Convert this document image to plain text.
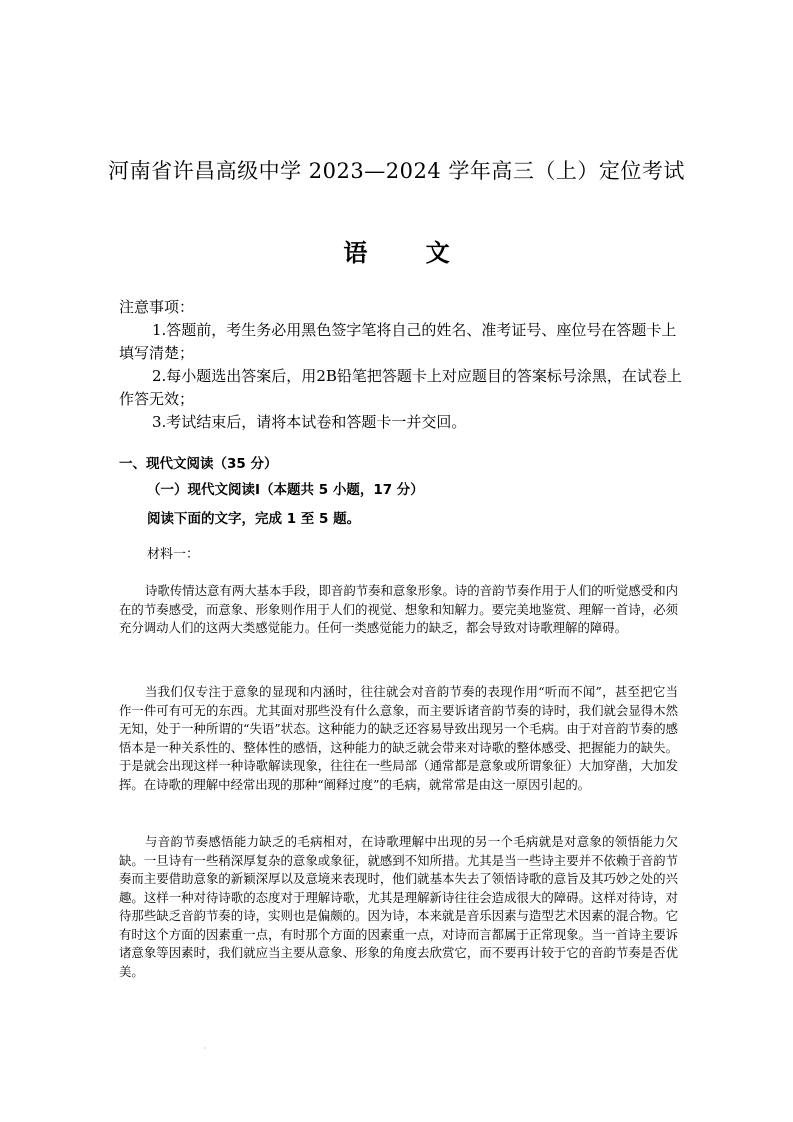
河南省许昌高级中学 2023—2024 学年高三（上）定位考试
语 文

注意事项：

1.答题前，考生务必用黑色签字笔将自己的姓名、准考证号、座位号在答题卡上填写清楚；

2.每小题选出答案后，用2B铅笔把答题卡上对应题目的答案标号涂黑，在试卷上作答无效；

3.考试结束后，请将本试卷和答题卡一并交回。

一、现代文阅读（35 分）
（一）现代文阅读Ⅰ（本题共 5 小题，17 分）
阅读下面的文字，完成 1 至 5 题。
材料一：

诗歌传情达意有两大基本手段，即音韵节奏和意象形象。诗的音韵节奏作用于人们的听觉感受和内在的节奏感受，而意象、形象则作用于人们的视觉、想象和知解力。要完美地鉴赏、理解一首诗，必须充分调动人们的这两大类感觉能力。任何一类感觉能力的缺乏，都会导致对诗歌理解的障碍。

当我们仅专注于意象的显现和内涵时，往往就会对音韵节奏的表现作用“听而不闻”，甚至把它当作一件可有可无的东西。尤其面对那些没有什么意象，而主要诉诸音韵节奏的诗时，我们就会显得木然无知，处于一种所谓的“失语”状态。这种能力的缺乏还容易导致出现另一个毛病。由于对音韵节奏的感悟本是一种关系性的、整体性的感悟，这种能力的缺乏就会带来对诗歌的整体感受、把握能力的缺失。于是就会出现这样一种诗歌解读现象，往往在一些局部（通常都是意象或所谓象征）大加穿凿，大加发挥。在诗歌的理解中经常出现的那种“阐释过度”的毛病，就常常是由这一原因引起的。

与音韵节奏感悟能力缺乏的毛病相对，在诗歌理解中出现的另一个毛病就是对意象的领悟能力欠缺。一旦诗有一些稍深厚复杂的意象或象征，就感到不知所措。尤其是当一些诗主要并不依赖于音韵节奏而主要借助意象的新颖深厚以及意境来表现时，他们就基本失去了领悟诗歌的意旨及其巧妙之处的兴趣。这样一种对待诗歌的态度对于理解诗歌，尤其是理解新诗往往会造成很大的障碍。这样对待诗，对待那些缺乏音韵节奏的诗，实则也是偏颇的。因为诗，本来就是音乐因素与造型艺术因素的混合物。它有时这个方面的因素重一点，有时那个方面的因素重一点，对诗而言都属于正常现象。当一首诗主要诉诸意象等因素时，我们就应当主要从意象、形象的角度去欣赏它，而不要再计较于它的音韵节奏是否优美。

·
